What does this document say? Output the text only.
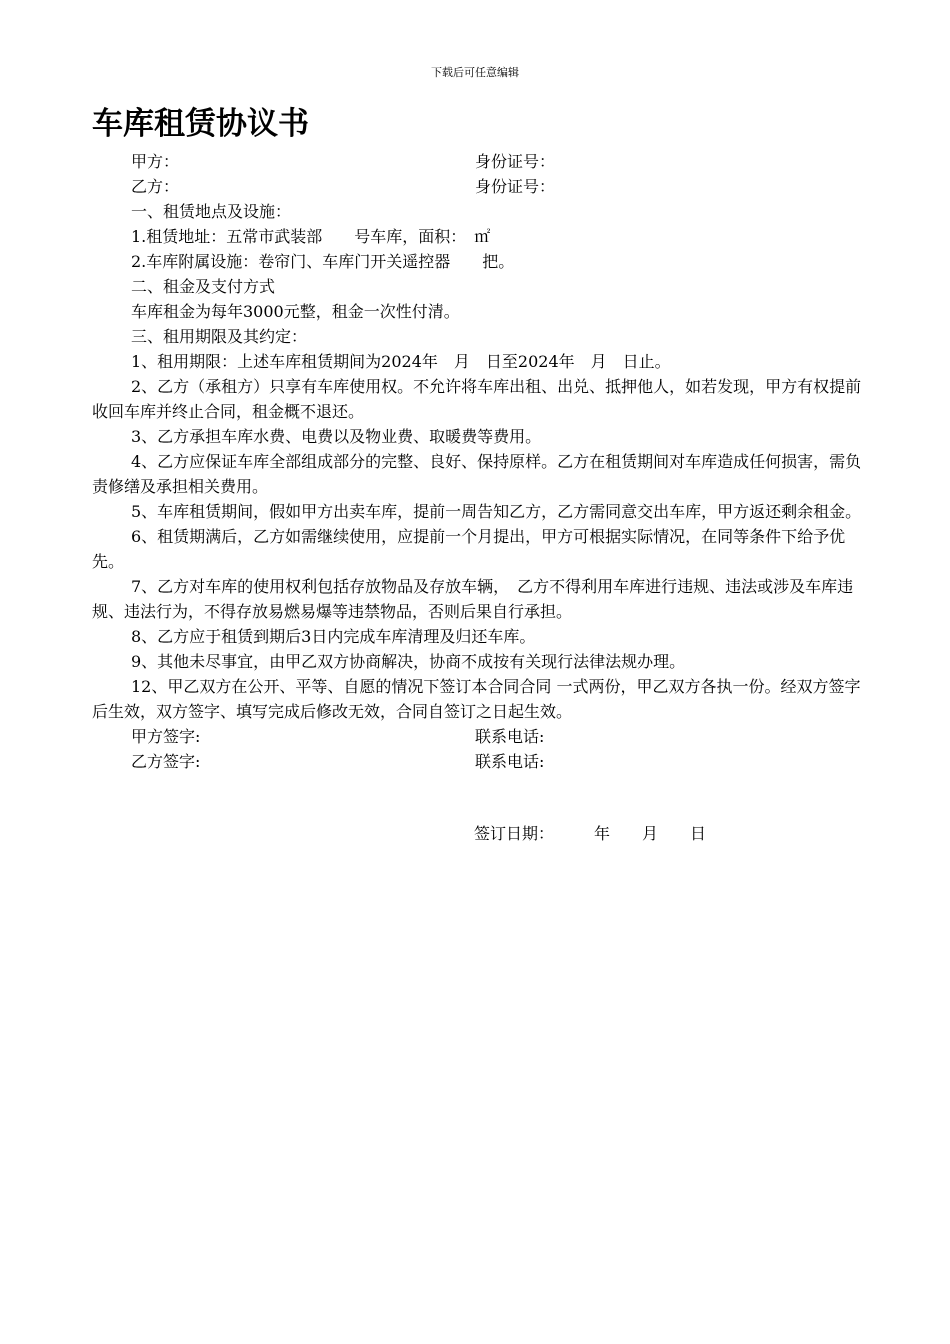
下载后可任意编辑
车库租赁协议书
甲方：	身份证号：
乙方：	身份证号：
一、租赁地点及设施：
1.租赁地址：五常市武装部　　号车库，面积：　㎡
2.车库附属设施：卷帘门、车库门开关遥控器　　把。
二、租金及支付方式
车库租金为每年3000元整，租金一次性付清。
三、租用期限及其约定：
1、租用期限：上述车库租赁期间为2024年　月　日至2024年　月　日止。
2、乙方（承租方）只享有车库使用权。不允许将车库出租、出兑、抵押他人，如若发现，甲方有权提前收回车库并终止合同，租金概不退还。
3、乙方承担车库水费、电费以及物业费、取暖费等费用。
4、乙方应保证车库全部组成部分的完整、良好、保持原样。乙方在租赁期间对车库造成任何损害，需负责修缮及承担相关费用。
5、车库租赁期间，假如甲方出卖车库，提前一周告知乙方，乙方需同意交出车库，甲方返还剩余租金。
6、租赁期满后，乙方如需继续使用，应提前一个月提出，甲方可根据实际情况，在同等条件下给予优先。
7、乙方对车库的使用权利包括存放物品及存放车辆，　乙方不得利用车库进行违规、违法或涉及车库违规、违法行为，不得存放易燃易爆等违禁物品，否则后果自行承担。
8、乙方应于租赁到期后3日内完成车库清理及归还车库。
9、其他未尽事宜，由甲乙双方协商解决，协商不成按有关现行法律法规办理。
12、甲乙双方在公开、平等、自愿的情况下签订本合同合同 一式两份，甲乙双方各执一份。经双方签字后生效，双方签字、填写完成后修改无效，合同自签订之日起生效。
甲方签字:	联系电话:
乙方签字:	联系电话:
签订日期：　　　年　　月　　日
